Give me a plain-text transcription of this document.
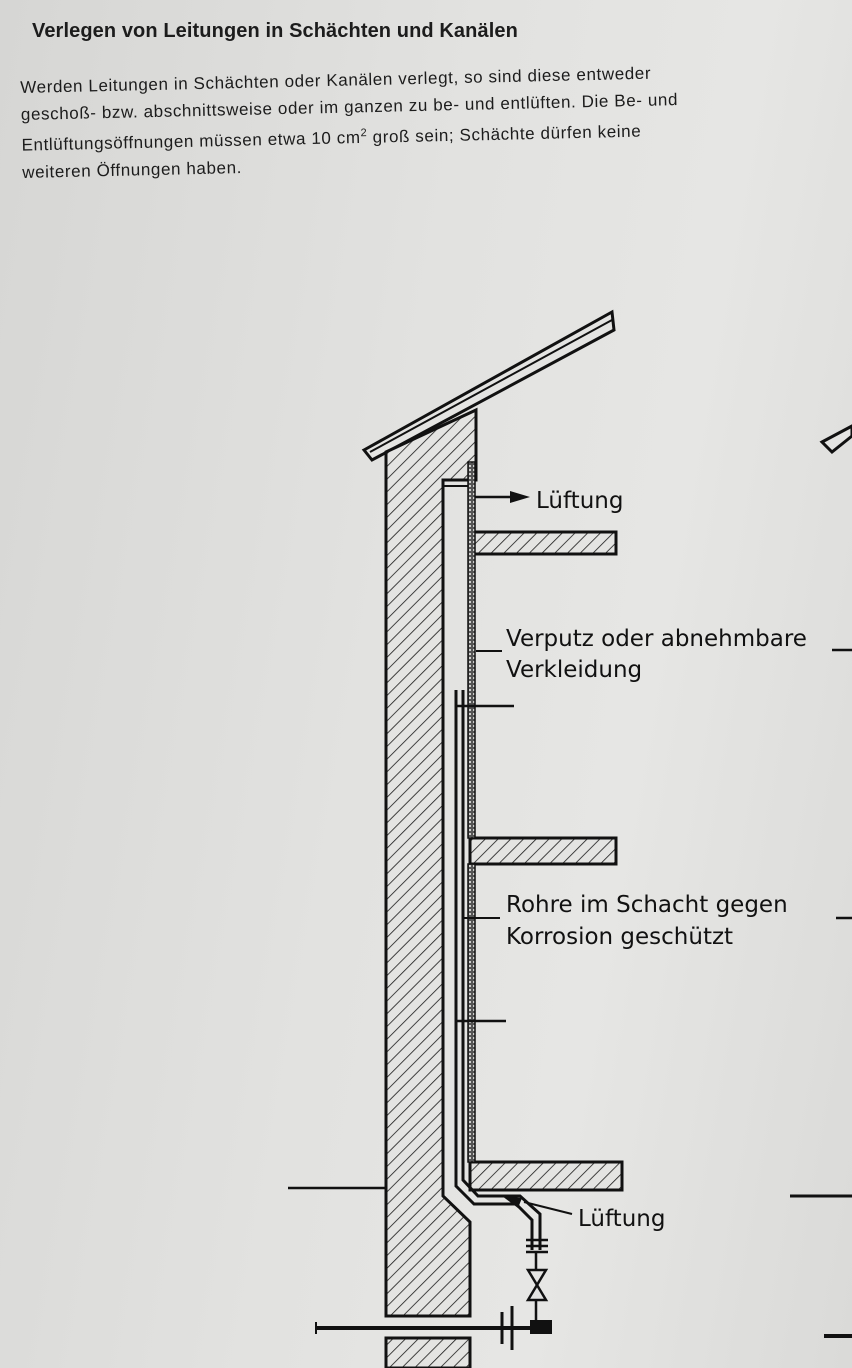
Verlegen von Leitungen in Schächten und Kanälen
Werden Leitungen in Schächten oder Kanälen verlegt, so sind diese entweder geschoß- bzw. abschnittsweise oder im ganzen zu be- und entlüften. Die Be- und Entlüftungsöffnungen müssen etwa 10 $cm^2$ groß sein; Schächte dürfen keine weiteren Öffnungen haben.
Lüftung
Verputz oder abnehmbare
Verkleidung
Rohre im Schacht gegen
Korrosion geschützt
Lüftung
